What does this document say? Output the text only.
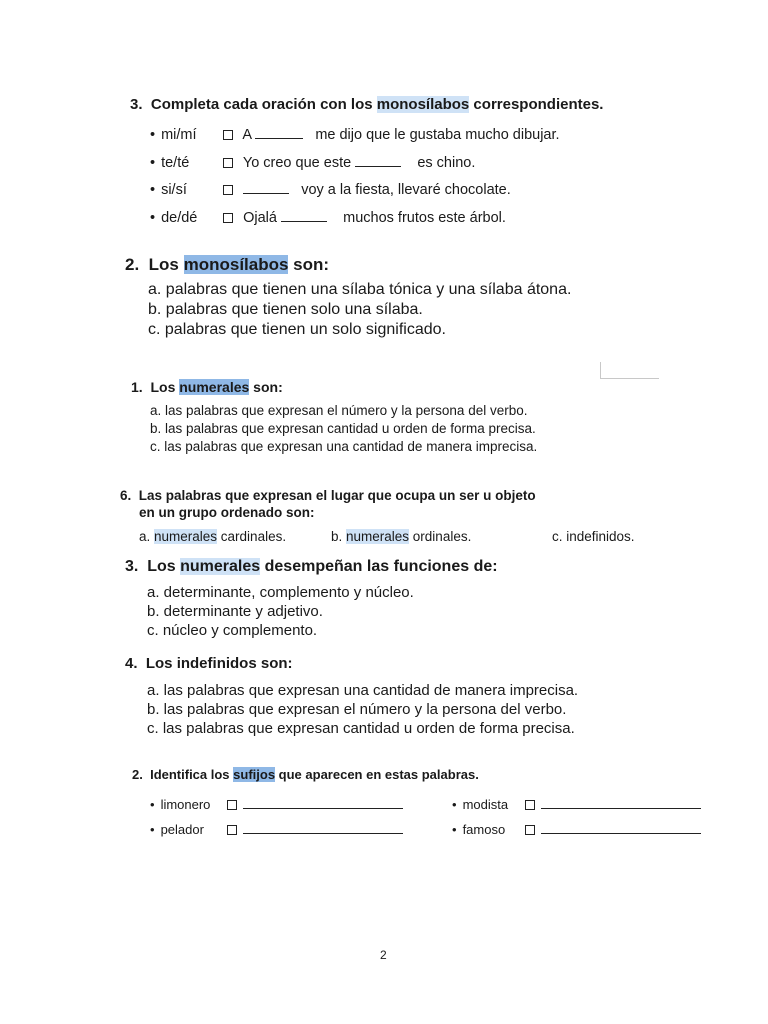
3. Completa cada oración con los monosílabos correspondientes.
• mi/mí	A	me dijo que le gustaba mucho dibujar.
• te/té	Yo creo que este	es chino.
• si/sí	voy a la fiesta, llevaré chocolate.
• de/dé	Ojalá	muchos frutos este árbol.
2. Los monosílabos son:
a. palabras que tienen una sílaba tónica y una sílaba átona.
b. palabras que tienen solo una sílaba.
c. palabras que tienen un solo significado.
1. Los numerales son:
a. las palabras que expresan el número y la persona del verbo.
b. las palabras que expresan cantidad u orden de forma precisa.
c. las palabras que expresan una cantidad de manera imprecisa.
6. Las palabras que expresan el lugar que ocupa un ser u objeto
en un grupo ordenado son:
a. numerales cardinales.	b. numerales ordinales.	c. indefinidos.
3. Los numerales desempeñan las funciones de:
a. determinante, complemento y núcleo.
b. determinante y adjetivo.
c. núcleo y complemento.
4. Los indefinidos son:
a. las palabras que expresan una cantidad de manera imprecisa.
b. las palabras que expresan el número y la persona del verbo.
c. las palabras que expresan cantidad u orden de forma precisa.
2. Identifica los sufijos que aparecen en estas palabras.
• limonero	• modista
• pelador	• famoso
2
